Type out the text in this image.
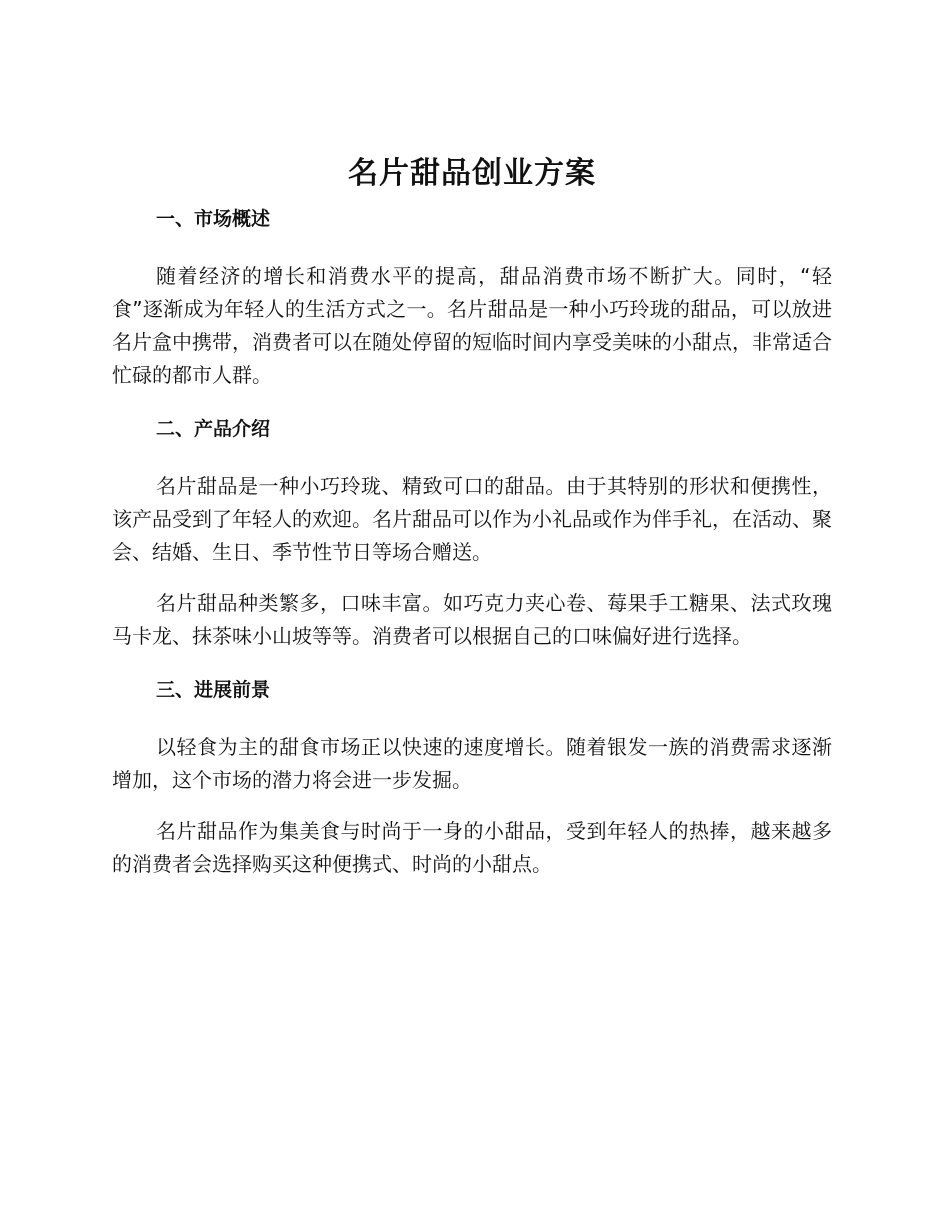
名片甜品创业方案
一、市场概述

随着经济的增长和消费水平的提高，甜品消费市场不断扩大。同时，“轻食”逐渐成为年轻人的生活方式之一。名片甜品是一种小巧玲珑的甜品，可以放进名片盒中携带，消费者可以在随处停留的短临时间内享受美味的小甜点，非常适合忙碌的都市人群。

二、产品介绍

名片甜品是一种小巧玲珑、精致可口的甜品。由于其特别的形状和便携性，该产品受到了年轻人的欢迎。名片甜品可以作为小礼品或作为伴手礼，在活动、聚会、结婚、生日、季节性节日等场合赠送。

名片甜品种类繁多，口味丰富。如巧克力夹心卷、莓果手工糖果、法式玫瑰马卡龙、抹茶味小山坡等等。消费者可以根据自己的口味偏好进行选择。

三、进展前景

以轻食为主的甜食市场正以快速的速度增长。随着银发一族的消费需求逐渐增加，这个市场的潜力将会进一步发掘。

名片甜品作为集美食与时尚于一身的小甜品，受到年轻人的热捧，越来越多的消费者会选择购买这种便携式、时尚的小甜点。
